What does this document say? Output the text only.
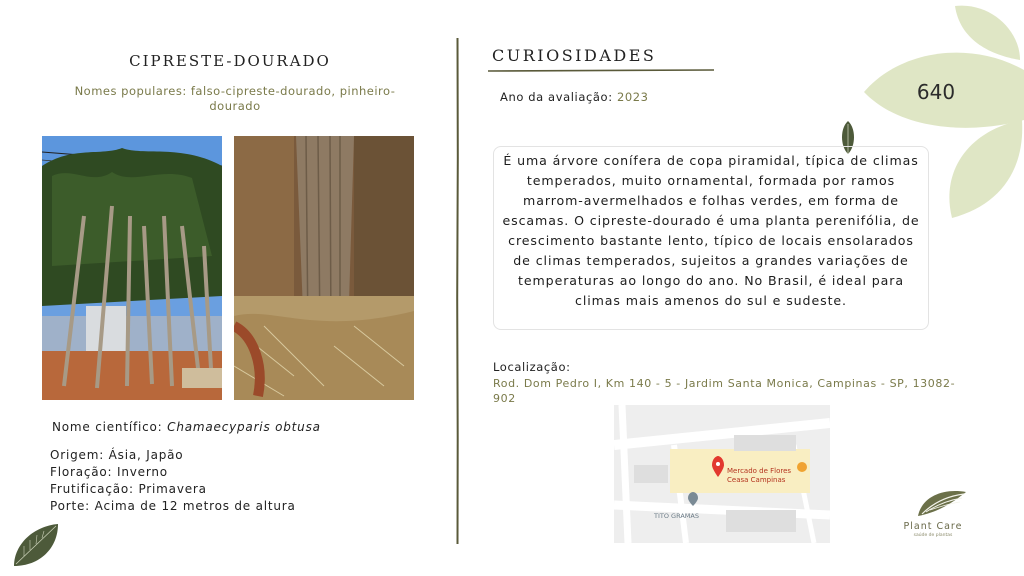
CIPRESTE-DOURADO
Nomes populares: falso-cipreste-dourado, pinheiro-dourado
Nome científico: Chamaecyparis obtusa
Origem: Ásia, Japão
Floração: Inverno
Frutificação: Primavera
Porte: Acima de 12 metros de altura
CURIOSIDADES
Ano da avaliação: 2023	640
É uma árvore conífera de copa piramidal, típica de climas temperados, muito ornamental, formada por ramos marrom-avermelhados e folhas verdes, em forma de escamas. O cipreste-dourado é uma planta perenifólia, de crescimento bastante lento, típico de locais ensolarados de climas temperados, sujeitos a grandes variações de temperaturas ao longo do ano. No Brasil, é ideal para climas mais amenos do sul e sudeste.
Localização:
Rod. Dom Pedro I, Km 140 - 5 - Jardim Santa Monica, Campinas - SP, 13082-902
Mercado de Flores
Ceasa Campinas
TITO GRAMAS
Plant Care
saúde de plantas
